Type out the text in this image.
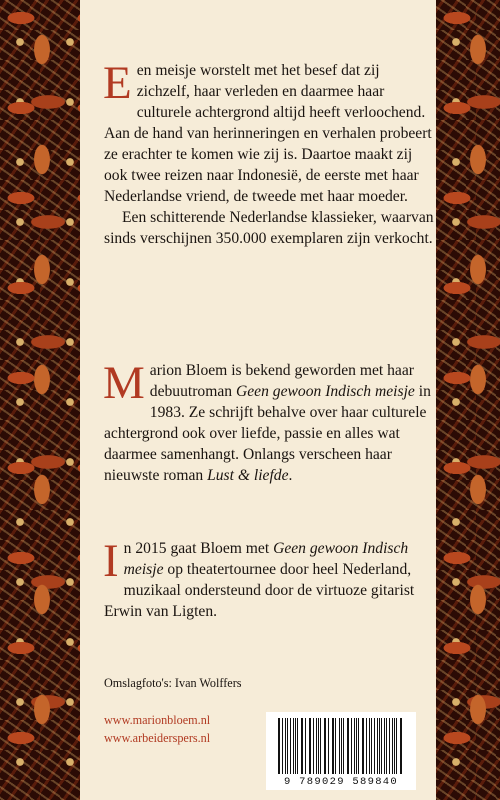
Een meisje worstelt met het besef dat zij zichzelf, haar verleden en daarmee haar culturele achtergrond altijd heeft verloochend. Aan de hand van herinneringen en verhalen probeert ze erachter te komen wie zij is. Daartoe maakt zij ook twee reizen naar Indonesië, de eerste met haar Nederlandse vriend, de tweede met haar moeder.

Een schitterende Nederlandse klassieker, waarvan sinds verschijnen 350.000 exemplaren zijn verkocht.

Marion Bloem is bekend geworden met haar debuutroman Geen gewoon Indisch meisje in 1983. Ze schrijft behalve over haar culturele achtergrond ook over liefde, passie en alles wat daarmee samenhangt. Onlangs verscheen haar nieuwste roman Lust & liefde.

In 2015 gaat Bloem met Geen gewoon Indisch meisje op theatertournee door heel Nederland, muzikaal ondersteund door de virtuoze gitarist Erwin van Ligten.

Omslagfoto's: Ivan Wolffers
www.marionbloem.nl
www.arbeiderspers.nl
9 789029 589840
